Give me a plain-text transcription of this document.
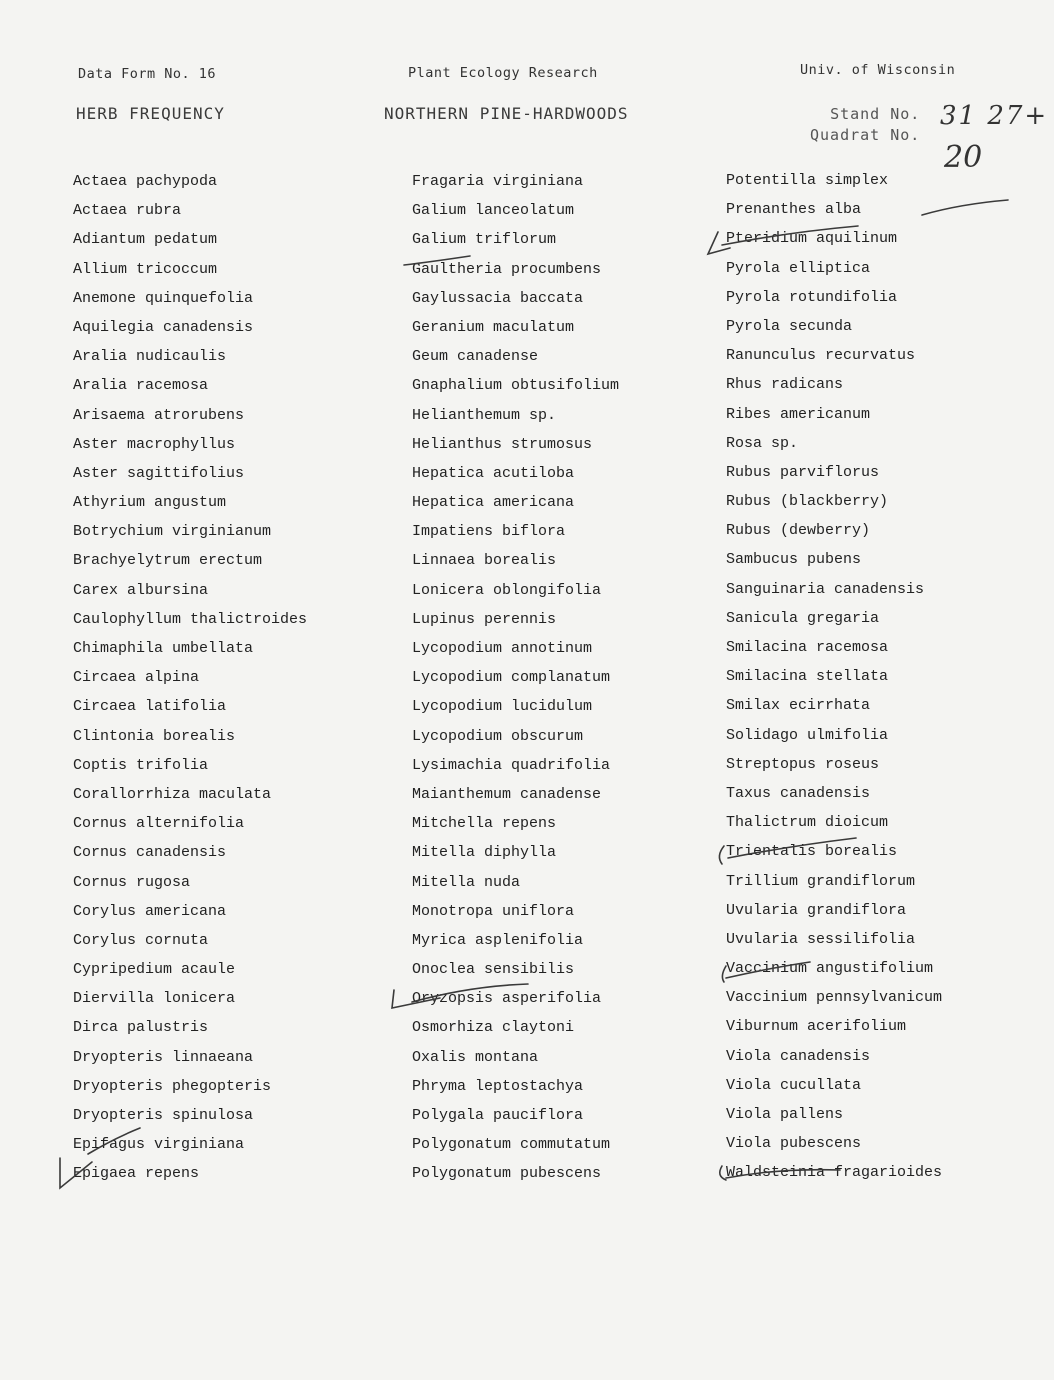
Data Form No. 16	Plant Ecology Research	Univ. of Wisconsin
HERB FREQUENCY	NORTHERN PINE-HARDWOODS	Stand No.
Quadrat No.
31 27+
20
Actaea pachypoda
Actaea rubra
Adiantum pedatum
Allium tricoccum
Anemone quinquefolia
Aquilegia canadensis
Aralia nudicaulis
Aralia racemosa
Arisaema atrorubens
Aster macrophyllus
Aster sagittifolius
Athyrium angustum
Botrychium virginianum
Brachyelytrum erectum
Carex albursina
Caulophyllum thalictroides
Chimaphila umbellata
Circaea alpina
Circaea latifolia
Clintonia borealis
Coptis trifolia
Corallorrhiza maculata
Cornus alternifolia
Cornus canadensis
Cornus rugosa
Corylus americana
Corylus cornuta
Cypripedium acaule
Diervilla lonicera
Dirca palustris
Dryopteris linnaeana
Dryopteris phegopteris
Dryopteris spinulosa
Epifagus virginiana
Epigaea repens
Fragaria virginiana
Galium lanceolatum
Galium triflorum
Gaultheria procumbens
Gaylussacia baccata
Geranium maculatum
Geum canadense
Gnaphalium obtusifolium
Helianthemum sp.
Helianthus strumosus
Hepatica acutiloba
Hepatica americana
Impatiens biflora
Linnaea borealis
Lonicera oblongifolia
Lupinus perennis
Lycopodium annotinum
Lycopodium complanatum
Lycopodium lucidulum
Lycopodium obscurum
Lysimachia quadrifolia
Maianthemum canadense
Mitchella repens
Mitella diphylla
Mitella nuda
Monotropa uniflora
Myrica asplenifolia
Onoclea sensibilis
Oryzopsis asperifolia
Osmorhiza claytoni
Oxalis montana
Phryma leptostachya
Polygala pauciflora
Polygonatum commutatum
Polygonatum pubescens
Potentilla simplex
Prenanthes alba
Pteridium aquilinum
Pyrola elliptica
Pyrola rotundifolia
Pyrola secunda
Ranunculus recurvatus
Rhus radicans
Ribes americanum
Rosa sp.
Rubus parviflorus
Rubus (blackberry)
Rubus (dewberry)
Sambucus pubens
Sanguinaria canadensis
Sanicula gregaria
Smilacina racemosa
Smilacina stellata
Smilax ecirrhata
Solidago ulmifolia
Streptopus roseus
Taxus canadensis
Thalictrum dioicum
Trientalis borealis
Trillium grandiflorum
Uvularia grandiflora
Uvularia sessilifolia
Vaccinium angustifolium
Vaccinium pennsylvanicum
Viburnum acerifolium
Viola canadensis
Viola cucullata
Viola pallens
Viola pubescens
Waldsteinia fragarioides
